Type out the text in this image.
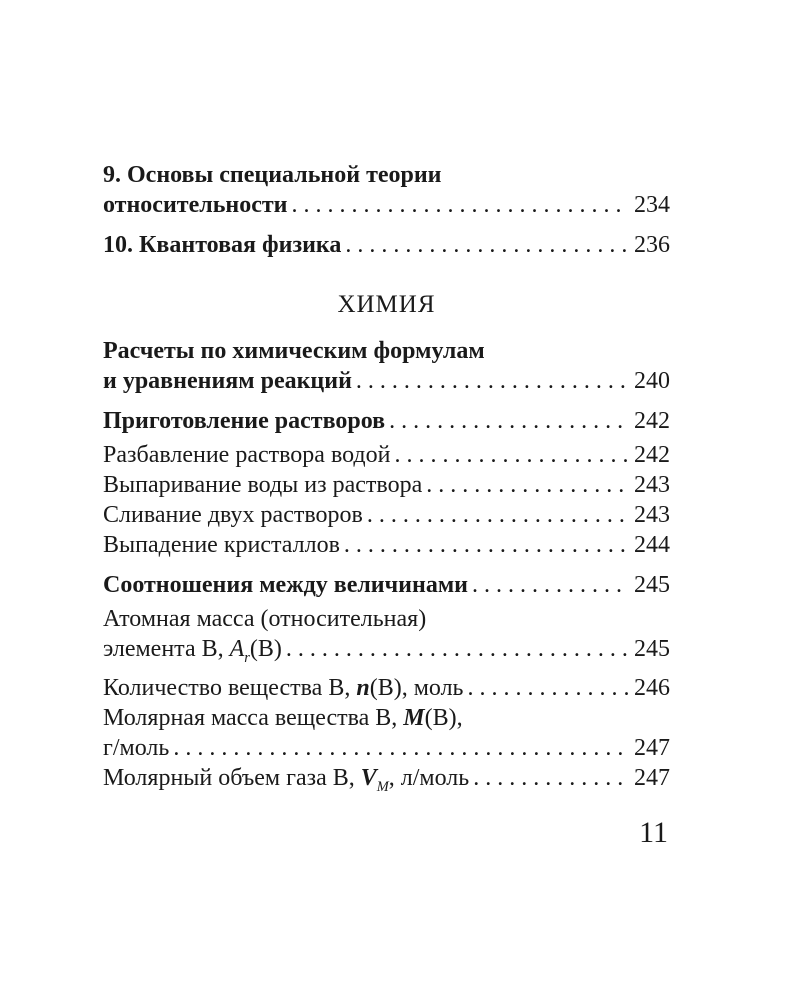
9. Основы специальной теории
относительности . . .	234
10. Квантовая физика . . .	236
ХИМИЯ
Расчеты по химическим формулам
и уравнениям реакций . . .	240
Приготовление растворов . . .	242
Разбавление раствора водой . . .	242
Выпаривание воды из раствора . . .	243
Сливание двух растворов . . .	243
Выпадение кристаллов . . .	244
Соотношения между величинами . . .	245
Атомная масса (относительная)
элемента B, $A_r(B)$ . . .	245
Количество вещества B, n(B), моль . . .	246
Молярная масса вещества B, M(B),
г/моль . . .	247
Молярный объем газа B, $V_M$, л/моль . . .	247
11
